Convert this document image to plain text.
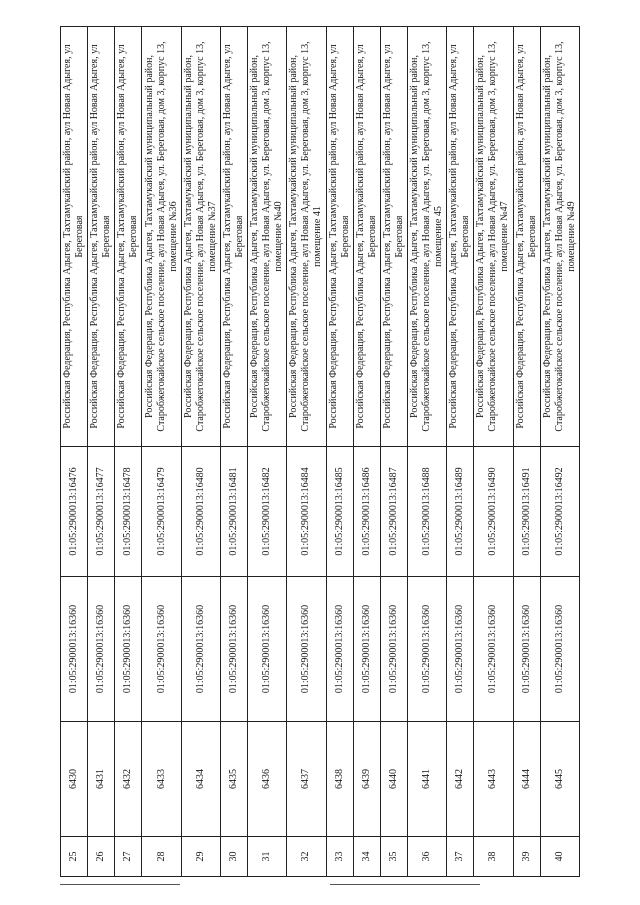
25	6430	01:05:2900013:16360	01:05:2900013:16476	Российская Федерация, Республика Адыгея, Тахтамукайский район, аул Новая Адыгея, ул Береговая
26	6431	01:05:2900013:16360	01:05:2900013:16477	Российская Федерация, Республика Адыгея, Тахтамукайский район, аул Новая Адыгея, ул Береговая
27	6432	01:05:2900013:16360	01:05:2900013:16478	Российская Федерация, Республика Адыгея, Тахтамукайский район, аул Новая Адыгея, ул Береговая
28	6433	01:05:2900013:16360	01:05:2900013:16479	Российская Федерация, Республика Адыгея, Тахтамукайский муниципальный район, Старобжегокайское сельское поселение, аул Новая Адыгея, ул. Береговая, дом 3, корпус 13, помещение №36
29	6434	01:05:2900013:16360	01:05:2900013:16480	Российская Федерация, Республика Адыгея, Тахтамукайский муниципальный район, Старобжегокайское сельское поселение, аул Новая Адыгея, ул. Береговая, дом 3, корпус 13, помещение №37
30	6435	01:05:2900013:16360	01:05:2900013:16481	Российская Федерация, Республика Адыгея, Тахтамукайский район, аул Новая Адыгея, ул Береговая
31	6436	01:05:2900013:16360	01:05:2900013:16482	Российская Федерация, Республика Адыгея, Тахтамукайский муниципальный район, Старобжегокайское сельское поселение, аул Новая Адыгея, ул. Береговая, дом 3, корпус 13, помещение №40
32	6437	01:05:2900013:16360	01:05:2900013:16484	Российская Федерация, Республика Адыгея, Тахтамукайский муниципальный район, Старобжегокайское сельское поселение, аул Новая Адыгея, ул. Береговая, дом 3, корпус 13, помещение 41
33	6438	01:05:2900013:16360	01:05:2900013:16485	Российская Федерация, Республика Адыгея, Тахтамукайский район, аул Новая Адыгея, ул Береговая
34	6439	01:05:2900013:16360	01:05:2900013:16486	Российская Федерация, Республика Адыгея, Тахтамукайский район, аул Новая Адыгея, ул Береговая
35	6440	01:05:2900013:16360	01:05:2900013:16487	Российская Федерация, Республика Адыгея, Тахтамукайский район, аул Новая Адыгея, ул Береговая
36	6441	01:05:2900013:16360	01:05:2900013:16488	Российская Федерация, Республика Адыгея, Тахтамукайский муниципальный район, Старобжегокайское сельское поселение, аул Новая Адыгея, ул. Береговая, дом 3, корпус 13, помещение 45
37	6442	01:05:2900013:16360	01:05:2900013:16489	Российская Федерация, Республика Адыгея, Тахтамукайский район, аул Новая Адыгея, ул Береговая
38	6443	01:05:2900013:16360	01:05:2900013:16490	Российская Федерация, Республика Адыгея, Тахтамукайский муниципальный район, Старобжегокайское сельское поселение, аул Новая Адыгея, ул. Береговая, дом 3, корпус 13, помещение №47
39	6444	01:05:2900013:16360	01:05:2900013:16491	Российская Федерация, Республика Адыгея, Тахтамукайский район, аул Новая Адыгея, ул Береговая
40	6445	01:05:2900013:16360	01:05:2900013:16492	Российская Федерация, Республика Адыгея, Тахтамукайский муниципальный район, Старобжегокайское сельское поселение, аул Новая Адыгея, ул. Береговая, дом 3, корпус 13, помещение №49
